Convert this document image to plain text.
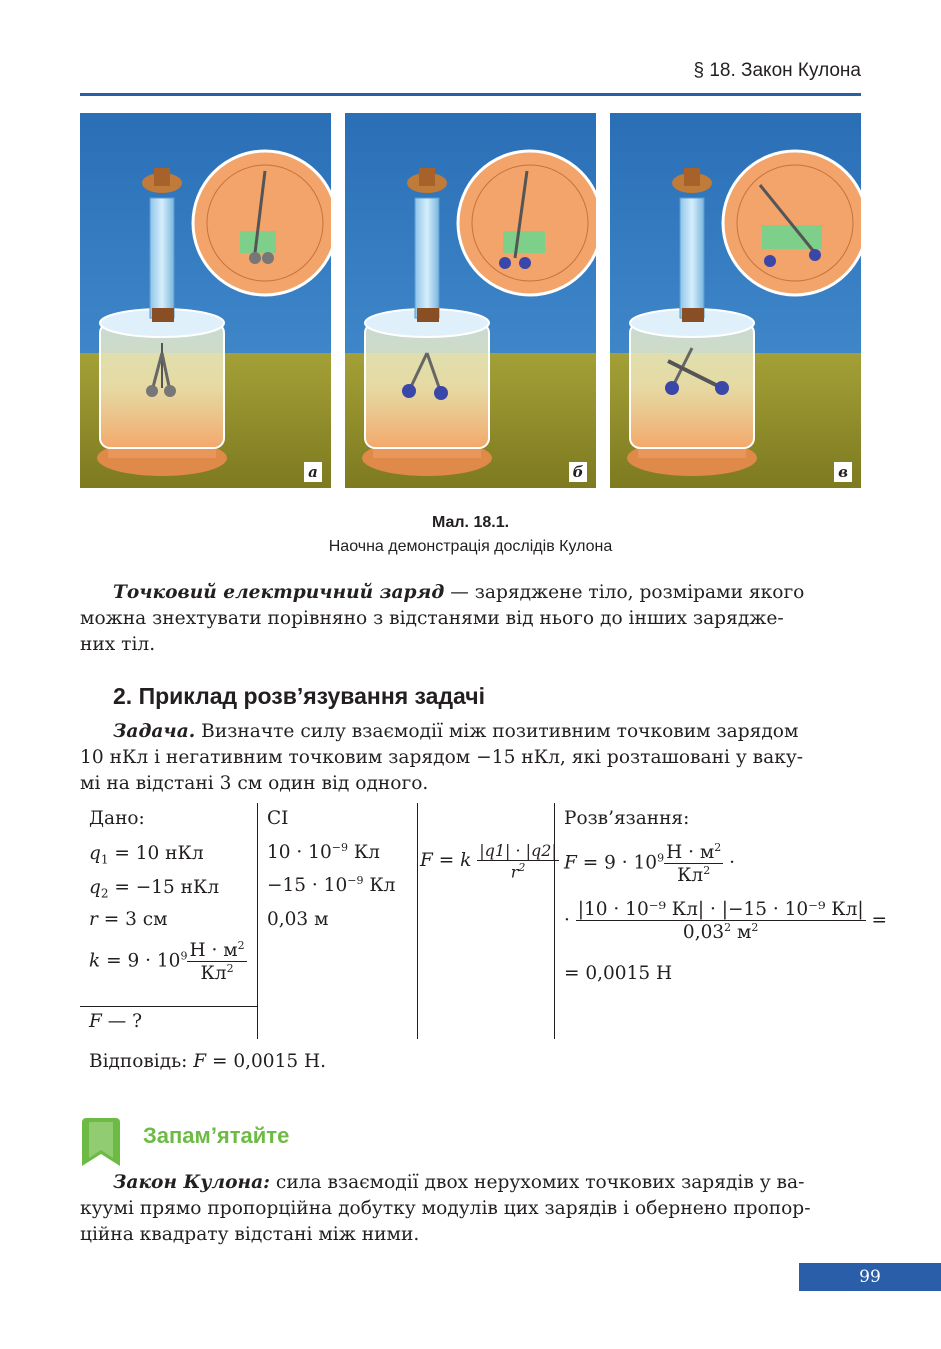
§ 18. Закон Кулона
а	б	в
Мал. 18.1.
Наочна демонстрація дослідів Кулона
Точковий електричний заряд — заряджене тіло, розмірами якого
можна знехтувати порівняно з відстанями від нього до інших зарядже-
них тіл.
2. Приклад розв’язування задачі
Задача. Визначте силу взаємодії між позитивним точковим зарядом
10 нКл і негативним точковим зарядом −15 нКл, які розташовані у ваку-
мі на відстані 3 см один від одного.
Дано:
$q_1 = 10$ нКл
$q_2 = -15$ нКл
r = 3 см
$k = 9 \cdot 10^9 \frac{Н \cdot м^2}{Кл^2}$
F — ?
СІ
$10 \cdot 10^{-9}$ Кл
$-15 \cdot 10^{-9}$ Кл
0,03 м
F = k $\frac{|q1| \cdot |q2|}{r^2}$
Розв’язання:
$F = 9 \cdot 10^9 \frac{Н \cdot м^2}{Кл^2}$ ·
· $\frac{\text{|10 · 10⁻⁹ Кл| · |−15 · 10⁻⁹ Кл|}}{0,03^2 м^2}$ =
= 0,0015 Н
Відповідь: F = 0,0015 Н.
Запам’ятайте
Закон Кулона: сила взаємодії двох нерухомих точкових зарядів у ва-
куумі прямо пропорційна добутку модулів цих зарядів і обернено пропор-
ційна квадрату відстані між ними.
99
